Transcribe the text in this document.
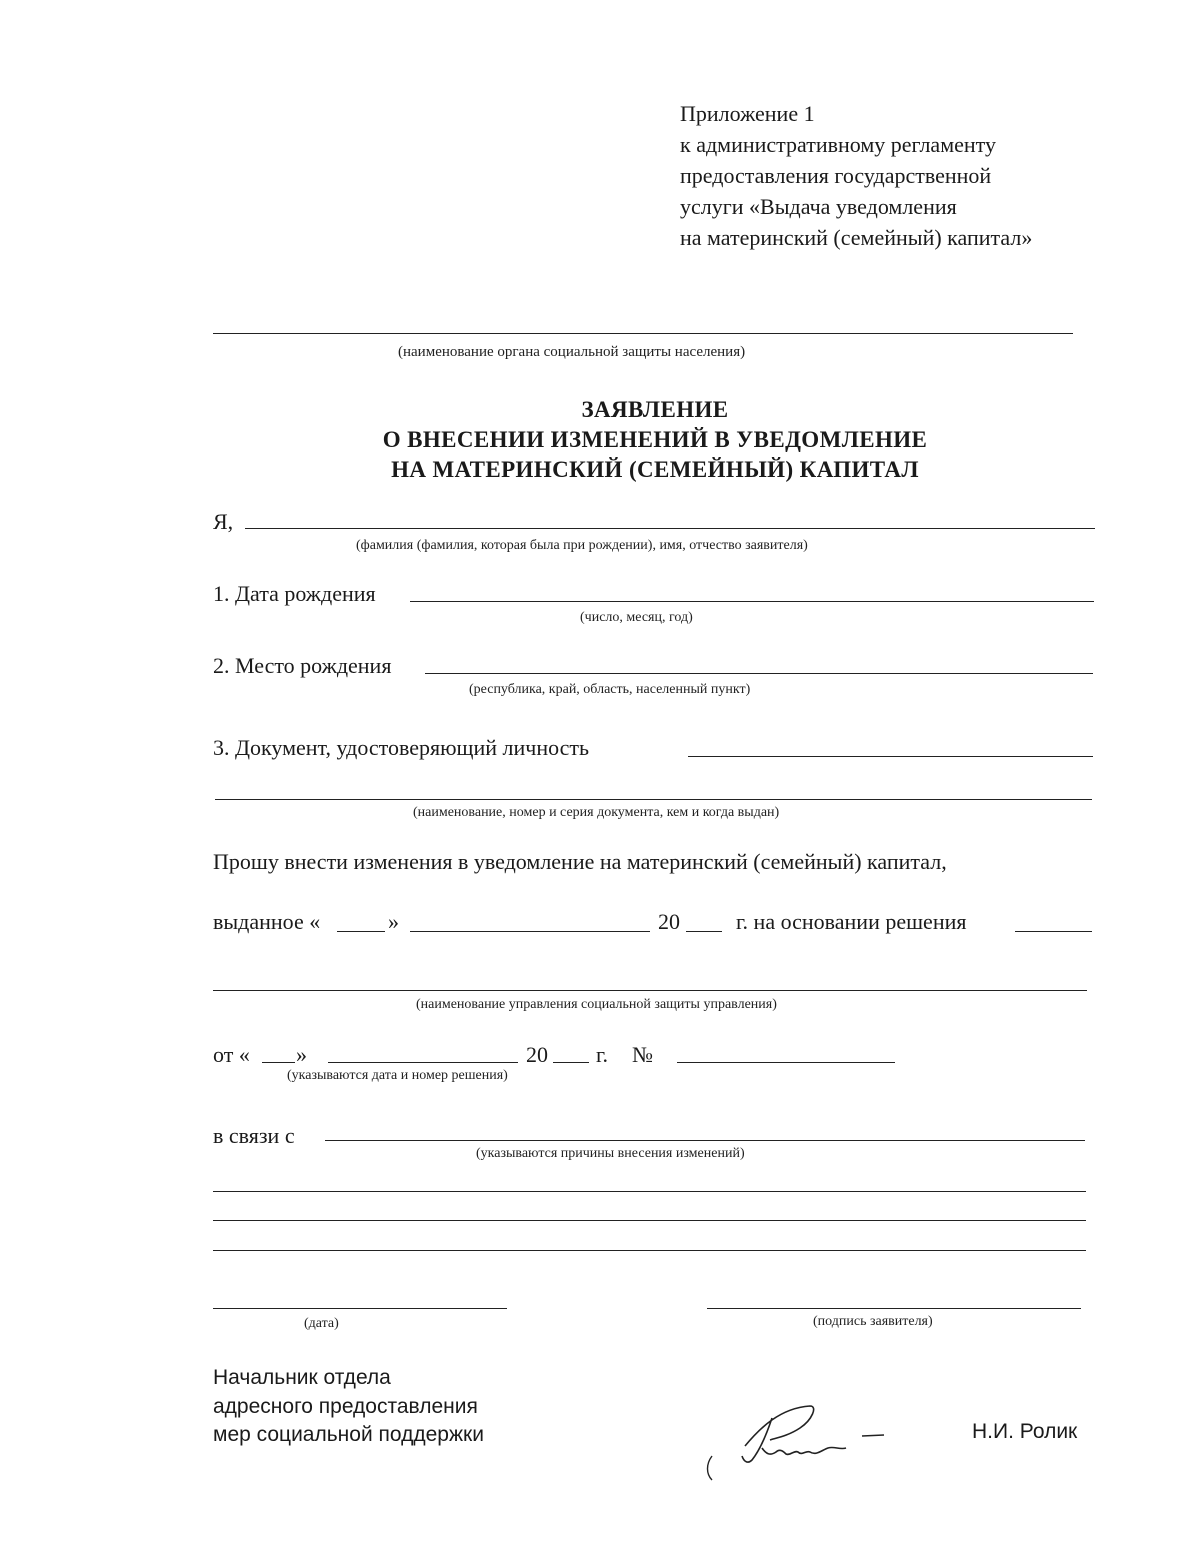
Приложение 1
к административному регламенту
предоставления государственной
услуги «Выдача уведомления
на материнский (семейный) капитал»
(наименование органа социальной защиты населения)
ЗАЯВЛЕНИЕ
О ВНЕСЕНИИ ИЗМЕНЕНИЙ В УВЕДОМЛЕНИЕ
НА МАТЕРИНСКИЙ (СЕМЕЙНЫЙ) КАПИТАЛ
Я,
(фамилия (фамилия, которая была при рождении), имя, отчество заявителя)
1. Дата рождения
(число, месяц, год)
2. Место рождения
(республика, край, область, населенный пункт)
3. Документ, удостоверяющий личность
(наименование, номер и серия документа, кем и когда выдан)
Прошу внести изменения в уведомление на материнский (семейный) капитал,
выданное «	»	20	г. на основании решения
(наименование управления социальной защиты управления)
от « »	20 г. №
(указываются дата и номер решения)
в связи с
(указываются причины внесения изменений)
(дата)	(подпись заявителя)
Начальник отдела
адресного предоставления
мер социальной поддержки	Н.И. Ролик
